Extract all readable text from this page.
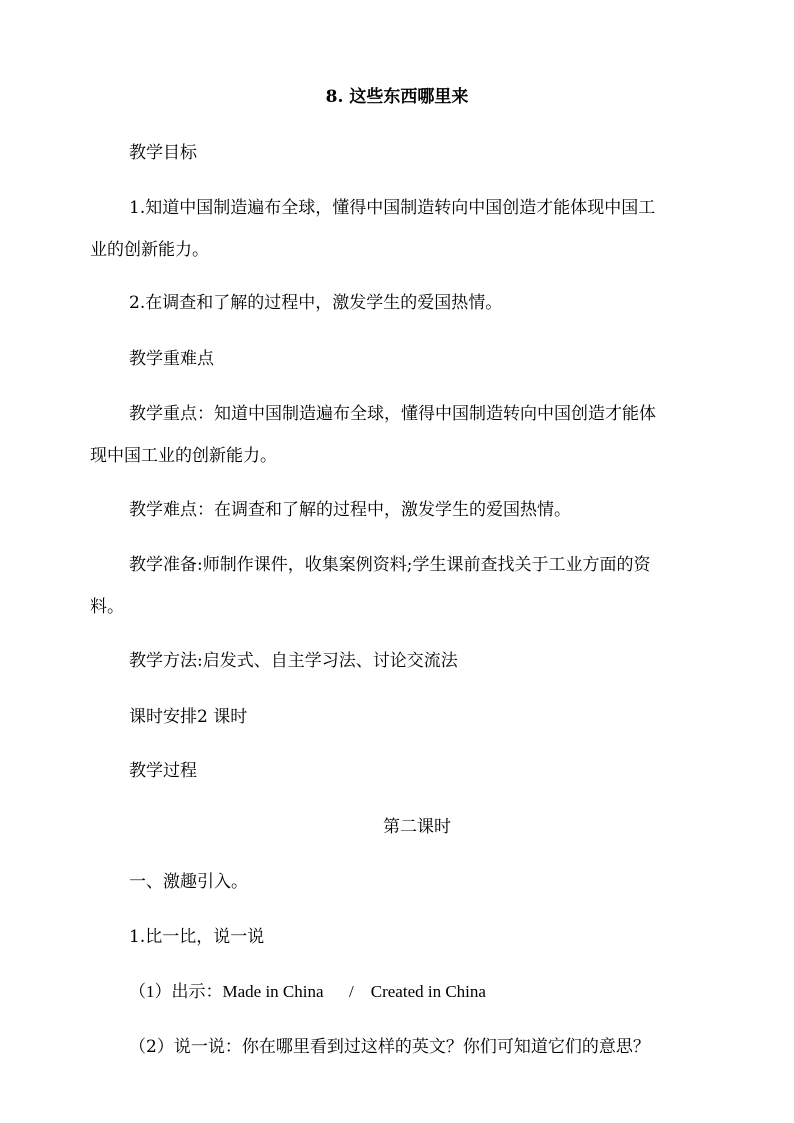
8. 这些东西哪里来
教学目标
1.知道中国制造遍布全球，懂得中国制造转向中国创造才能体现中国工
业的创新能力。
2.在调查和了解的过程中，激发学生的爱国热情。
教学重难点
教学重点：知道中国制造遍布全球，懂得中国制造转向中国创造才能体
现中国工业的创新能力。
教学难点：在调查和了解的过程中，激发学生的爱国热情。
教学准备:师制作课件，收集案例资料;学生课前查找关于工业方面的资
料。
教学方法:启发式、自主学习法、讨论交流法
课时安排2 课时
教学过程
第二课时
一、激趣引入。
1.比一比，说一说
（1）出示：Made in China      /    Created in China
（2）说一说：你在哪里看到过这样的英文？你们可知道它们的意思？
